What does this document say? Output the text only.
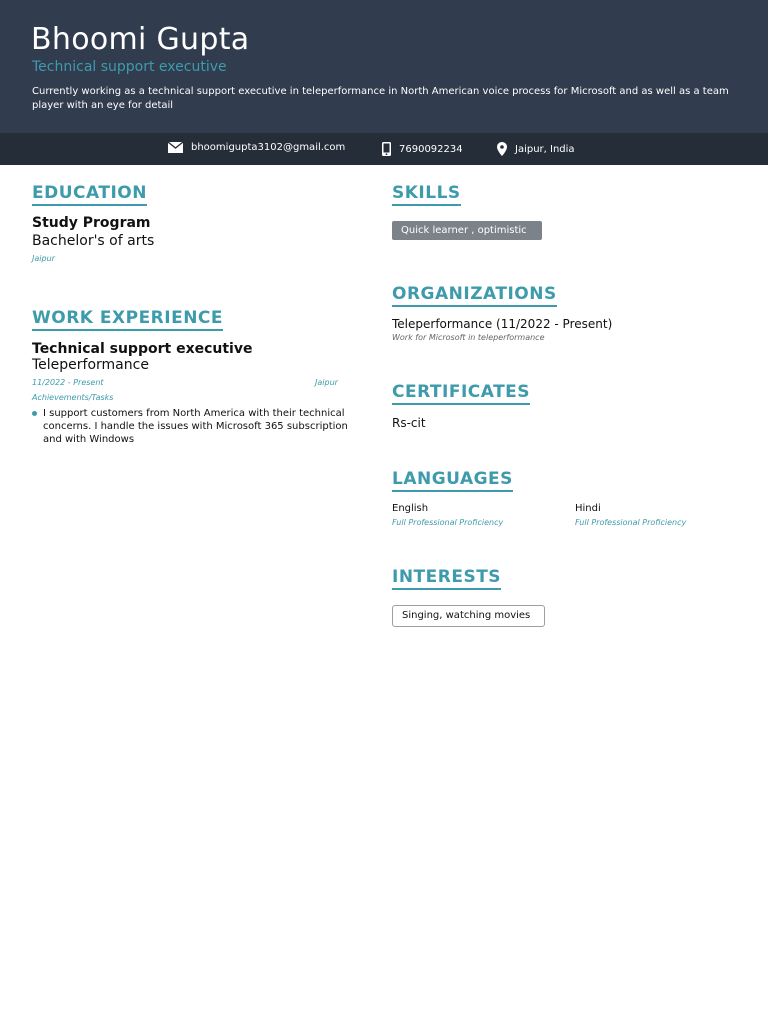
Bhoomi Gupta
Technical support executive
Currently working as a technical support executive in teleperformance in North American voice process for Microsoft and as well as a team player with an eye for detail
bhoomigupta3102@gmail.com	7690092234	Jaipur, India
EDUCATION
Study Program
Bachelor's of arts
Jaipur
WORK EXPERIENCE
Technical support executive
Teleperformance
11/2022 - Present	Jaipur
Achievements/Tasks
I support customers from North America with their technical concerns. I handle the issues with Microsoft 365 subscription and with Windows
SKILLS
Quick learner , optimistic
ORGANIZATIONS
Teleperformance (11/2022 - Present)
Work for Microsoft in teleperformance
CERTIFICATES
Rs-cit
LANGUAGES
English
Full Professional Proficiency
Hindi
Full Professional Proficiency
INTERESTS
Singing, watching movies
